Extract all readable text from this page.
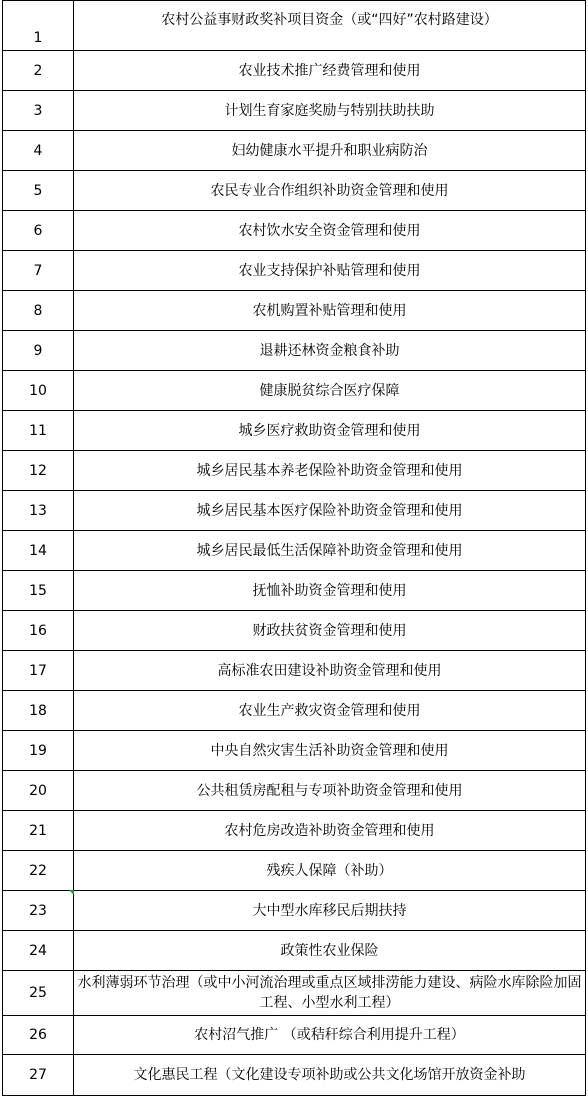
1	农村公益事财政奖补项目资金（或“四好”农村路建设）
2	农业技术推广经费管理和使用
3	计划生育家庭奖励与特别扶助扶助
4	妇幼健康水平提升和职业病防治
5	农民专业合作组织补助资金管理和使用
6	农村饮水安全资金管理和使用
7	农业支持保护补贴管理和使用
8	农机购置补贴管理和使用
9	退耕还林资金粮食补助
10	健康脱贫综合医疗保障
11	城乡医疗救助资金管理和使用
12	城乡居民基本养老保险补助资金管理和使用
13	城乡居民基本医疗保险补助资金管理和使用
14	城乡居民最低生活保障补助资金管理和使用
15	抚恤补助资金管理和使用
16	财政扶贫资金管理和使用
17	高标准农田建设补助资金管理和使用
18	农业生产救灾资金管理和使用
19	中央自然灾害生活补助资金管理和使用
20	公共租赁房配租与专项补助资金管理和使用
21	农村危房改造补助资金管理和使用
22	残疾人保障（补助）
23	大中型水库移民后期扶持
24	政策性农业保险
25	水利薄弱环节治理（或中小河流治理或重点区域排涝能力建设、病险水库除险加固工程、小型水利工程）
26	农村沼气推广 （或秸秆综合利用提升工程）
27	文化惠民工程（文化建设专项补助或公共文化场馆开放资金补助
